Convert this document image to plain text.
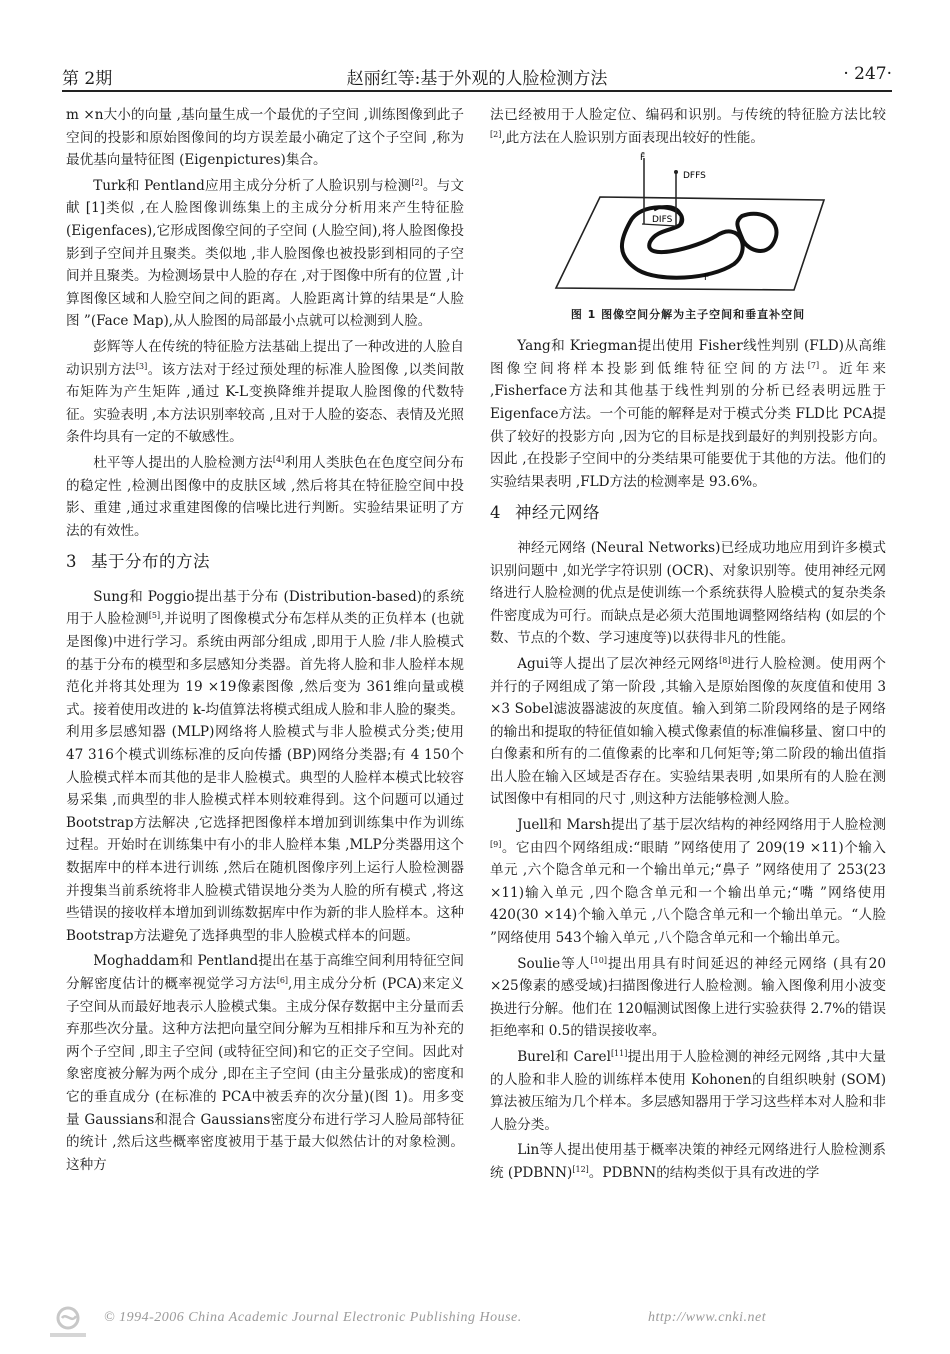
第 2期	赵丽红等:基于外观的人脸检测方法	· 247·

m ×n大小的向量 ,基向量生成一个最优的子空间 ,训练图像到此子空间的投影和原始图像间的均方误差最小确定了这个子空间 ,称为最优基向量特征图 (Eigenpictures)集合。

Turk和 Pentland应用主成分分析了人脸识别与检测[2]。与文献 [1]类似 ,在人脸图像训练集上的主成分分析用来产生特征脸 (Eigenfaces),它形成图像空间的子空间 (人脸空间),将人脸图像投影到子空间并且聚类。类似地 ,非人脸图像也被投影到相同的子空间并且聚类。为检测场景中人脸的存在 ,对于图像中所有的位置 ,计算图像区域和人脸空间之间的距离。人脸距离计算的结果是“人脸图 ”(Face Map),从人脸图的局部最小点就可以检测到人脸。

彭辉等人在传统的特征脸方法基础上提出了一种改进的人脸自动识别方法[3]。该方法对于经过预处理的标准人脸图像 ,以类间散布矩阵为产生矩阵 ,通过 K-L变换降维并提取人脸图像的代数特征。实验表明 ,本方法识别率较高 ,且对于人脸的姿态、表情及光照条件均具有一定的不敏感性。

杜平等人提出的人脸检测方法[4]利用人类肤色在色度空间分布的稳定性 ,检测出图像中的皮肤区域 ,然后将其在特征脸空间中投影、重建 ,通过求重建图像的信噪比进行判断。实验结果证明了方法的有效性。

3 基于分布的方法

Sung和 Poggio提出基于分布 (Distribution-based)的系统用于人脸检测[5],并说明了图像模式分布怎样从类的正负样本 (也就是图像)中进行学习。系统由两部分组成 ,即用于人脸 /非人脸模式的基于分布的模型和多层感知分类器。首先将人脸和非人脸样本规范化并将其处理为 19 ×19像素图像 ,然后变为 361维向量或模式。接着使用改进的 k-均值算法将模式组成人脸和非人脸的聚类。利用多层感知器 (MLP)网络将人脸模式与非人脸模式分类;使用 47 316个模式训练标准的反向传播 (BP)网络分类器;有 4 150个人脸模式样本而其他的是非人脸模式。典型的人脸样本模式比较容易采集 ,而典型的非人脸模式样本则较难得到。这个问题可以通过 Bootstrap方法解决 ,它选择把图像样本增加到训练集中作为训练过程。开始时在训练集中有小的非人脸样本集 ,MLP分类器用这个数据库中的样本进行训练 ,然后在随机图像序列上运行人脸检测器并搜集当前系统将非人脸模式错误地分类为人脸的所有模式 ,将这些错误的接收样本增加到训练数据库中作为新的非人脸样本。这种 Bootstrap方法避免了选择典型的非人脸模式样本的问题。

Moghaddam和 Pentland提出在基于高维空间利用特征空间分解密度估计的概率视觉学习方法[6],用主成分分析 (PCA)来定义子空间从而最好地表示人脸模式集。主成分保存数据中主分量而丢弃那些次分量。这种方法把向量空间分解为互相排斥和互为补充的两个子空间 ,即主子空间 (或特征空间)和它的正交子空间。因此对象密度被分解为两个成分 ,即在主子空间 (由主分量张成)的密度和它的垂直成分 (在标准的 PCA中被丢弃的次分量)(图 1)。用多变量 Gaussians和混合 Gaussians密度分布进行学习人脸局部特征的统计 ,然后这些概率密度被用于基于最大似然估计的对象检测。这种方

法已经被用于人脸定位、编码和识别。与传统的特征脸方法比较[2],此方法在人脸识别方面表现出较好的性能。

F̄
DFFS
DIFS
F
图 1 图像空间分解为主子空间和垂直补空间

Yang和 Kriegman提出使用 Fisher线性判别 (FLD)从高维图像空间将样本投影到低维特征空间的方法[7]。近年来 ,Fisherface方法和其他基于线性判别的分析已经表明远胜于Eigenface方法。一个可能的解释是对于模式分类 FLD比 PCA提供了较好的投影方向 ,因为它的目标是找到最好的判别投影方向。因此 ,在投影子空间中的分类结果可能要优于其他的方法。他们的实验结果表明 ,FLD方法的检测率是 93.6%。

4 神经元网络

神经元网络 (Neural Networks)已经成功地应用到许多模式识别问题中 ,如光学字符识别 (OCR)、对象识别等。使用神经元网络进行人脸检测的优点是使训练一个系统获得人脸模式的复杂类条件密度成为可行。而缺点是必须大范围地调整网络结构 (如层的个数、节点的个数、学习速度等)以获得非凡的性能。

Agui等人提出了层次神经元网络[8]进行人脸检测。使用两个并行的子网组成了第一阶段 ,其输入是原始图像的灰度值和使用 3 ×3 Sobel滤波器滤波的灰度值。输入到第二阶段网络的是子网络的输出和提取的特征值如输入模式像素值的标准偏移量、窗口中的白像素和所有的二值像素的比率和几何矩等;第二阶段的输出值指出人脸在输入区域是否存在。实验结果表明 ,如果所有的人脸在测试图像中有相同的尺寸 ,则这种方法能够检测人脸。

Juell和 Marsh提出了基于层次结构的神经网络用于人脸检测[9]。它由四个网络组成:“眼睛 ”网络使用了 209(19 ×11)个输入单元 ,六个隐含单元和一个输出单元;“鼻子 ”网络使用了 253(23 ×11)输入单元 ,四个隐含单元和一个输出单元;“嘴 ”网络使用 420(30 ×14)个输入单元 ,八个隐含单元和一个输出单元。“人脸 ”网络使用 543个输入单元 ,八个隐含单元和一个输出单元。

Soulie等人[10]提出用具有时间延迟的神经元网络 (具有20 ×25像素的感受域)扫描图像进行人脸检测。输入图像利用小波变换进行分解。他们在 120幅测试图像上进行实验获得 2.7%的错误拒绝率和 0.5的错误接收率。

Burel和 Carel[11]提出用于人脸检测的神经元网络 ,其中大量的人脸和非人脸的训练样本使用 Kohonen的自组织映射 (SOM)算法被压缩为几个样本。多层感知器用于学习这些样本对人脸和非人脸分类。

Lin等人提出使用基于概率决策的神经元网络进行人脸检测系统 (PDBNN)[12]。PDBNN的结构类似于具有改进的学

© 1994-2006 China Academic Journal Electronic Publishing House.	http://www.cnki.net
